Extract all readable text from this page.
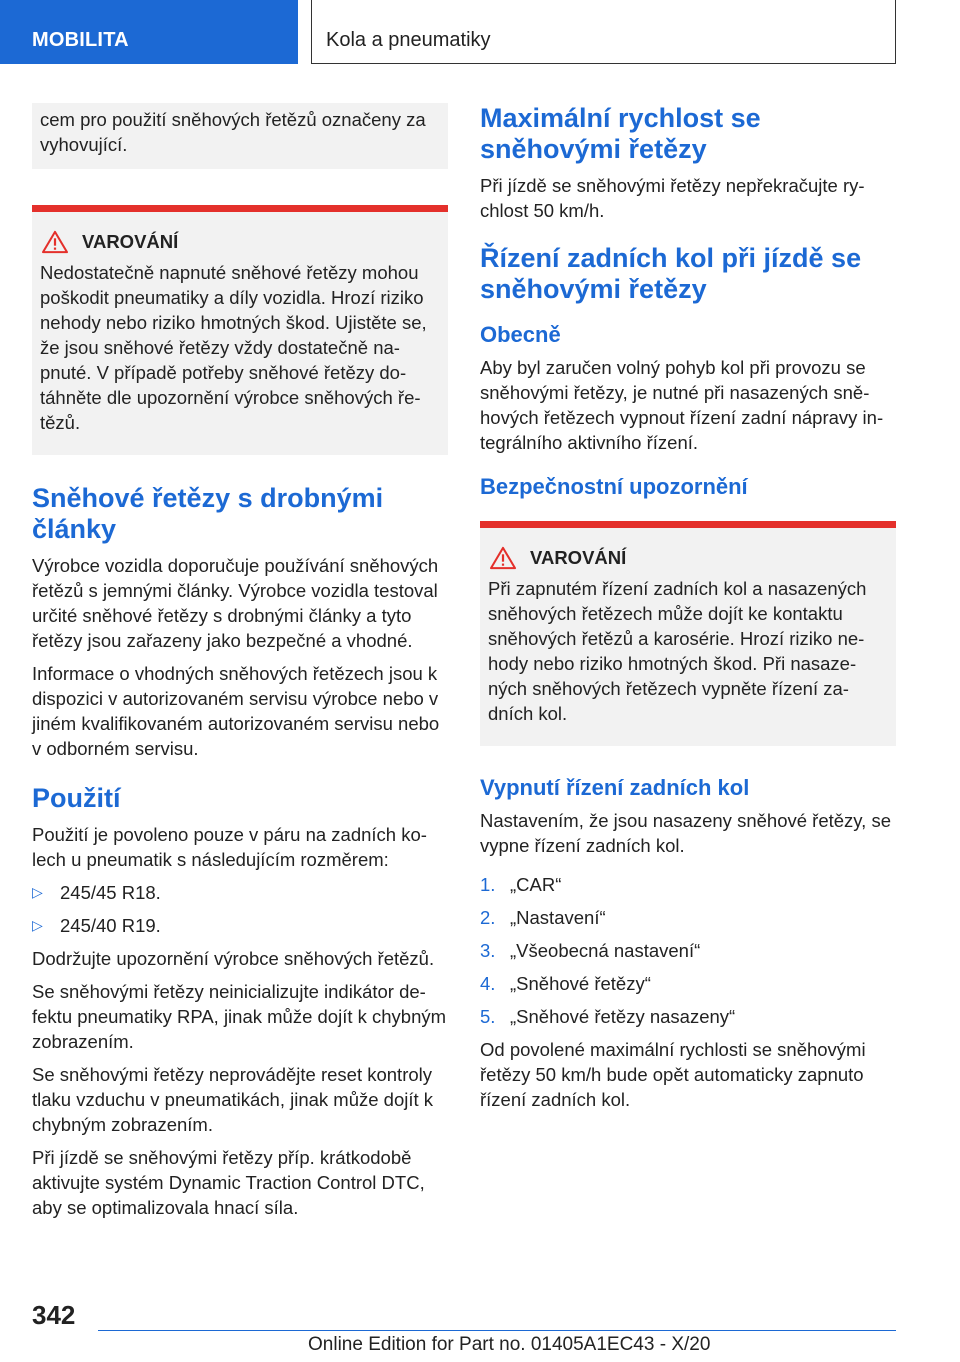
MOBILITA	Kola a pneumatiky
cem pro použití sněhových řetězů označeny za vyhovující.
VAROVÁNÍ
Nedostatečně napnuté sněhové řetězy mohou poškodit pneumatiky a díly vozidla. Hrozí riziko nehody nebo riziko hmotných škod. Ujistěte se, že jsou sněhové řetězy vždy dostatečně napnuté. V případě potřeby sněhové řetězy dotáhněte dle upozornění výrobce sněhových řetězů.
Sněhové řetězy s drobnými články

Výrobce vozidla doporučuje používání sněhových řetězů s jemnými články. Výrobce vozidla testoval určité sněhové řetězy s drobnými články a tyto řetězy jsou zařazeny jako bezpečné a vhodné.

Informace o vhodných sněhových řetězech jsou k dispozici v autorizovaném servisu výrobce nebo v jiném kvalifikovaném autorizovaném servisu nebo v odborném servisu.

Použití

Použití je povoleno pouze v páru na zadních kolech u pneumatik s následujícím rozměrem:

▷ 245/45 R18.
▷ 245/40 R19.

Dodržujte upozornění výrobce sněhových řetězů.

Se sněhovými řetězy neinicializujte indikátor defektu pneumatiky RPA, jinak může dojít k chybným zobrazením.

Se sněhovými řetězy neprovádějte reset kontroly tlaku vzduchu v pneumatikách, jinak může dojít k chybným zobrazením.

Při jízdě se sněhovými řetězy příp. krátkodobě aktivujte systém Dynamic Traction Control DTC, aby se optimalizovala hnací síla.

Maximální rychlost se sněhovými řetězy

Při jízdě se sněhovými řetězy nepřekračujte rychlost 50 km/h.

Řízení zadních kol při jízdě se sněhovými řetězy
Obecně

Aby byl zaručen volný pohyb kol při provozu se sněhovými řetězy, je nutné při nasazených sněhových řetězech vypnout řízení zadní nápravy integrálního aktivního řízení.

Bezpečnostní upozornění
VAROVÁNÍ
Při zapnutém řízení zadních kol a nasazených sněhových řetězech může dojít ke kontaktu sněhových řetězů a karosérie. Hrozí riziko nehody nebo riziko hmotných škod. Při nasazených sněhových řetězech vypněte řízení zadních kol.
Vypnutí řízení zadních kol

Nastavením, že jsou nasazeny sněhové řetězy, se vypne řízení zadních kol.

1. „CAR“
2. „Nastavení“
3. „Všeobecná nastavení“
4. „Sněhové řetězy“
5. „Sněhové řetězy nasazeny“

Od povolené maximální rychlosti se sněhovými řetězy 50 km/h bude opět automaticky zapnuto řízení zadních kol.

342
Online Edition for Part no. 01405A1EC43 - X/20
